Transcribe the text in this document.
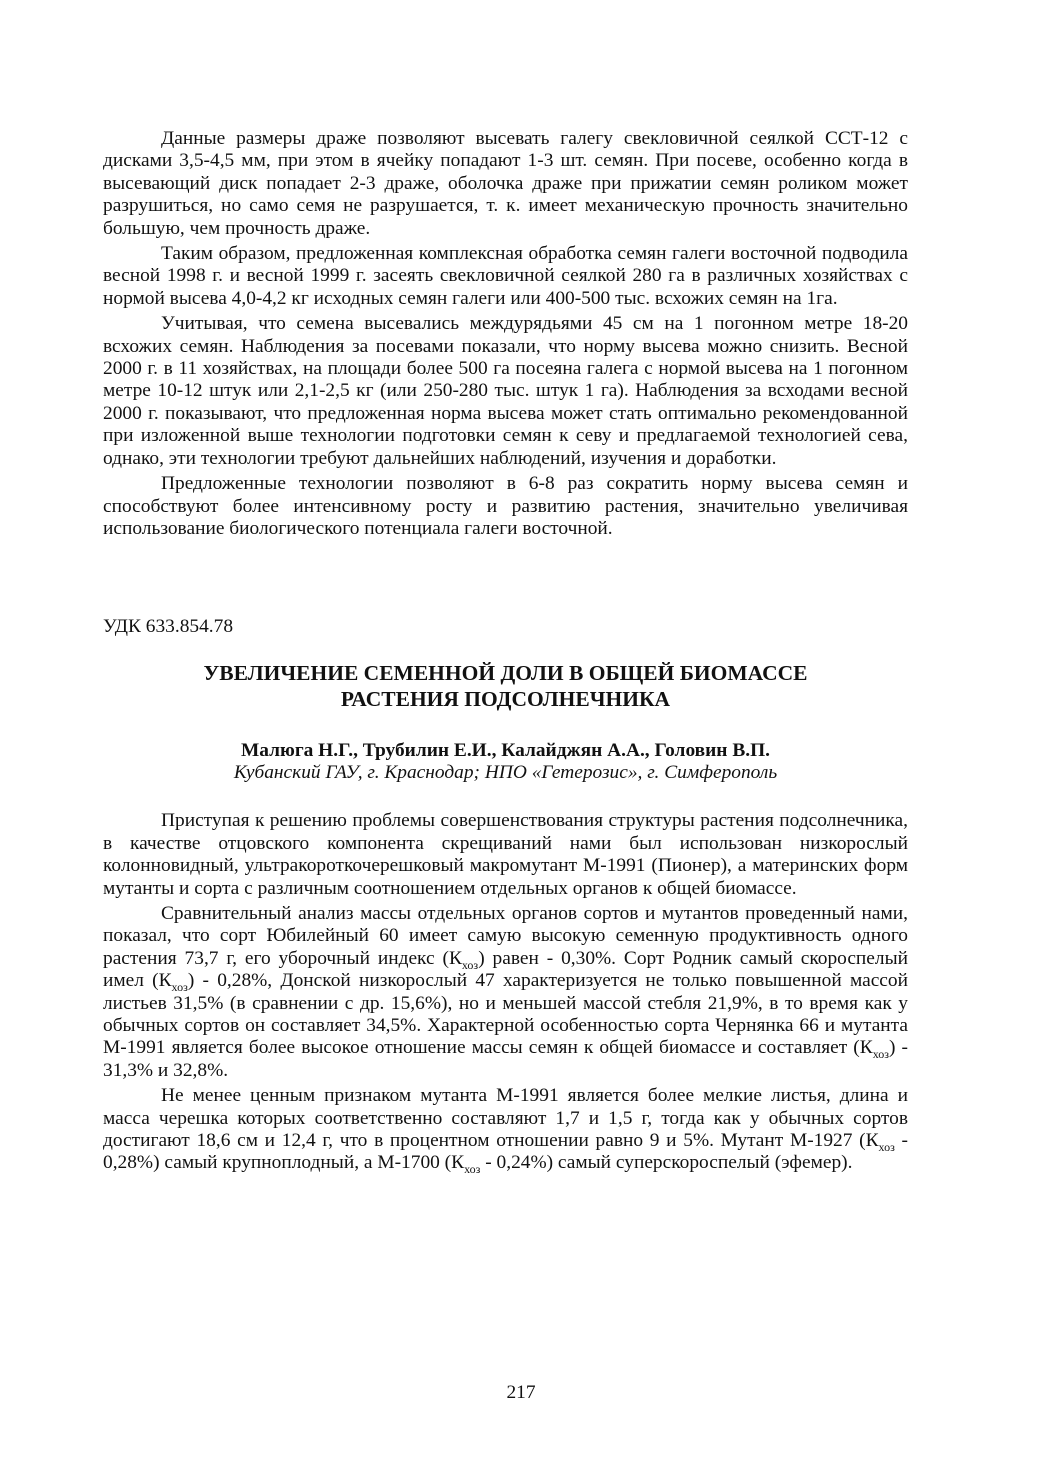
Данные размеры драже позволяют высевать галегу свекловичной сеялкой ССТ-12 с дисками 3,5-4,5 мм, при этом в ячейку попадают 1-3 шт. семян. При посеве, особенно когда в высевающий диск попадает 2-3 драже, оболочка драже при прижатии семян роликом может разрушиться, но само семя не разрушается, т. к. имеет механическую прочность значительно большую, чем прочность драже.

Таким образом, предложенная комплексная обработка семян галеги восточной подводила весной 1998 г. и весной 1999 г. засеять свекловичной сеялкой 280 га в различных хозяйствах с нормой высева 4,0-4,2 кг исходных семян галеги или 400-500 тыс. всхожих семян на 1га.

Учитывая, что семена высевались междурядьями 45 см на 1 погонном метре 18-20 всхожих семян. Наблюдения за посевами показали, что норму высева можно снизить. Весной 2000 г. в 11 хозяйствах, на площади более 500 га посеяна галега с нормой высева на 1 погонном метре 10-12 штук или 2,1-2,5 кг (или 250-280 тыс. штук 1 га). Наблюдения за всходами весной 2000 г. показывают, что предложенная норма высева может стать оптимально рекомендованной при изложенной выше технологии подготовки семян к севу и предлагаемой технологией сева, однако, эти технологии требуют дальнейших наблюдений, изучения и доработки.

Предложенные технологии позволяют в 6-8 раз сократить норму высева семян и способствуют более интенсивному росту и развитию растения, значительно увеличивая использование биологического потенциала галеги восточной.

УДК 633.854.78

УВЕЛИЧЕНИЕ СЕМЕННОЙ ДОЛИ В ОБЩЕЙ БИОМАССЕ
РАСТЕНИЯ ПОДСОЛНЕЧНИКА

Малюга Н.Г., Трубилин Е.И., Калайджян А.А., Головин В.П.

Кубанский ГАУ, г. Краснодар; НПО «Гетерозис», г. Симферополь

Приступая к решению проблемы совершенствования структуры растения подсолнечника, в качестве отцовского компонента скрещиваний нами был использован низкорослый колонновидный, ультракороткочерешковый макромутант М-1991 (Пионер), а материнских форм мутанты и сорта с различным соотношением отдельных органов к общей биомассе.

Сравнительный анализ массы отдельных органов сортов и мутантов проведенный нами, показал, что сорт Юбилейный 60 имеет самую высокую семенную продуктивность одного растения 73,7 г, его уборочный индекс $(К_{хоз})$ равен - 0,30%. Сорт Родник самый скороспелый имел $(К_{хоз}) - 0,28\%$, Донской низкорослый 47 характеризуется не только повышенной массой листьев 31,5% (в сравнении с др. 15,6%), но и меньшей массой стебля 21,9%, в то время как у обычных сортов он составляет 34,5%. Характерной особенностью сорта Чернянка 66 и мутанта М-1991 является более высокое отношение массы семян к общей биомассе и составляет $(К_{хоз}) - 31,3\%$ и 32,8%.

Не менее ценным признаком мутанта М-1991 является более мелкие листья, длина и масса черешка которых соответственно составляют 1,7 и 1,5 г, тогда как у обычных сортов достигают 18,6 см и 12,4 г, что в процентном отношении равно 9 и 5%. Мутант М-1927 $(К_{хоз} - 0,28\%)$ самый крупноплодный, а М-1700 $(К_{хоз} - 0,24\%)$ самый суперскороспелый (эфемер).

217
